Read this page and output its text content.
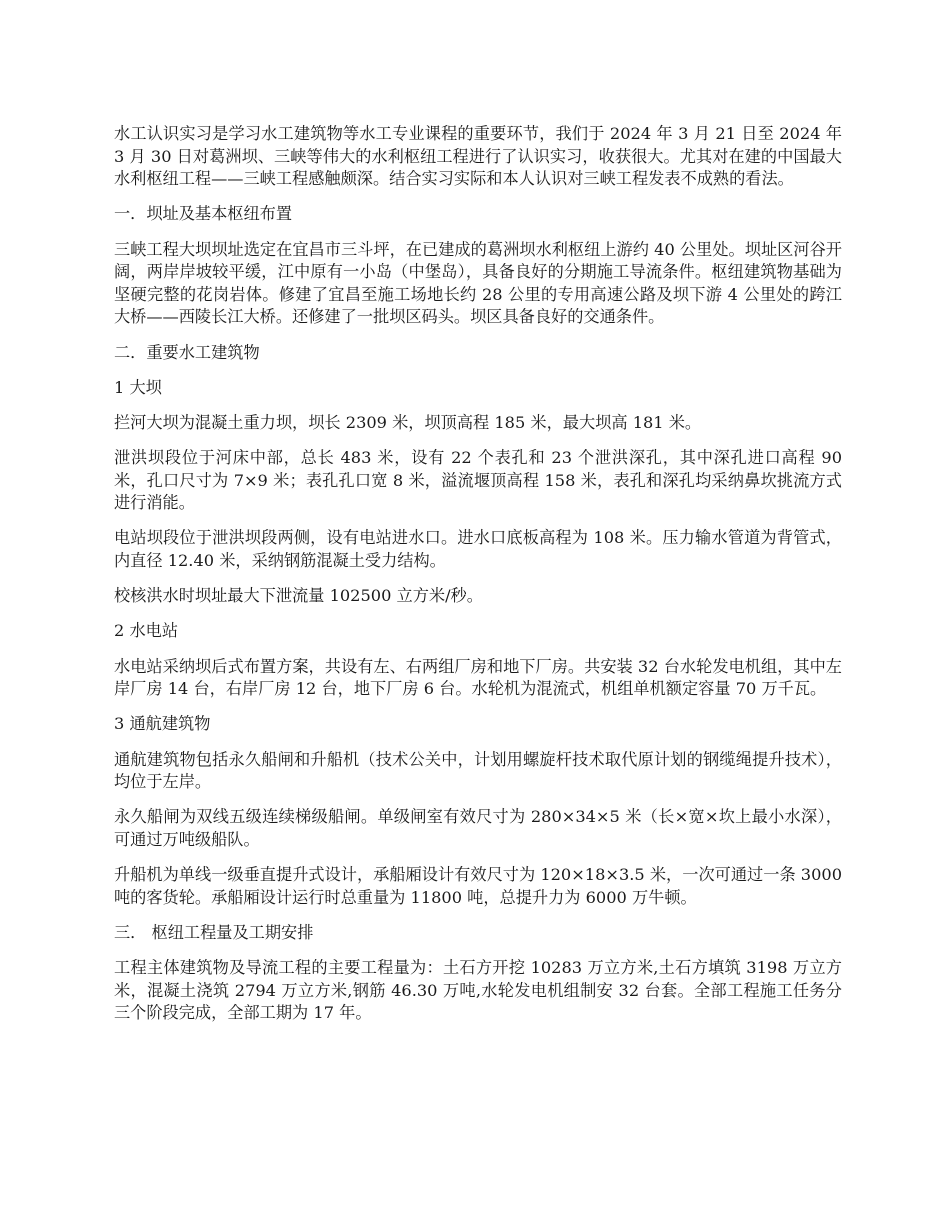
水工认识实习是学习水工建筑物等水工专业课程的重要环节，我们于 2024 年 3 月 21 日至 2024 年 3 月 30 日对葛洲坝、三峡等伟大的水利枢纽工程进行了认识实习，收获很大。尤其对在建的中国最大水利枢纽工程——三峡工程感触颇深。结合实习实际和本人认识对三峡工程发表不成熟的看法。

一．坝址及基本枢纽布置

三峡工程大坝坝址选定在宜昌市三斗坪，在已建成的葛洲坝水利枢纽上游约 40 公里处。坝址区河谷开阔，两岸岸坡较平缓，江中原有一小岛（中堡岛），具备良好的分期施工导流条件。枢纽建筑物基础为坚硬完整的花岗岩体。修建了宜昌至施工场地长约 28 公里的专用高速公路及坝下游 4 公里处的跨江大桥——西陵长江大桥。还修建了一批坝区码头。坝区具备良好的交通条件。

二．重要水工建筑物

1 大坝

拦河大坝为混凝土重力坝，坝长 2309 米，坝顶高程 185 米，最大坝高 181 米。

泄洪坝段位于河床中部，总长 483 米，设有 22 个表孔和 23 个泄洪深孔，其中深孔进口高程 90 米，孔口尺寸为 7×9 米；表孔孔口宽 8 米，溢流堰顶高程 158 米，表孔和深孔均采纳鼻坎挑流方式进行消能。

电站坝段位于泄洪坝段两侧，设有电站进水口。进水口底板高程为 108 米。压力输水管道为背管式，内直径 12.40 米，采纳钢筋混凝土受力结构。

校核洪水时坝址最大下泄流量 102500 立方米/秒。

2 水电站

水电站采纳坝后式布置方案，共设有左、右两组厂房和地下厂房。共安装 32 台水轮发电机组，其中左岸厂房 14 台，右岸厂房 12 台，地下厂房 6 台。水轮机为混流式，机组单机额定容量 70 万千瓦。

3 通航建筑物

通航建筑物包括永久船闸和升船机（技术公关中，计划用螺旋杆技术取代原计划的钢缆绳提升技术），均位于左岸。

永久船闸为双线五级连续梯级船闸。单级闸室有效尺寸为 280×34×5 米（长×宽×坎上最小水深），可通过万吨级船队。

升船机为单线一级垂直提升式设计，承船厢设计有效尺寸为 120×18×3.5 米，一次可通过一条 3000 吨的客货轮。承船厢设计运行时总重量为 11800 吨，总提升力为 6000 万牛顿。

三． 枢纽工程量及工期安排

工程主体建筑物及导流工程的主要工程量为：土石方开挖 10283 万立方米,土石方填筑 3198 万立方米，混凝土浇筑 2794 万立方米,钢筋 46.30 万吨,水轮发电机组制安 32 台套。全部工程施工任务分三个阶段完成，全部工期为 17 年。
